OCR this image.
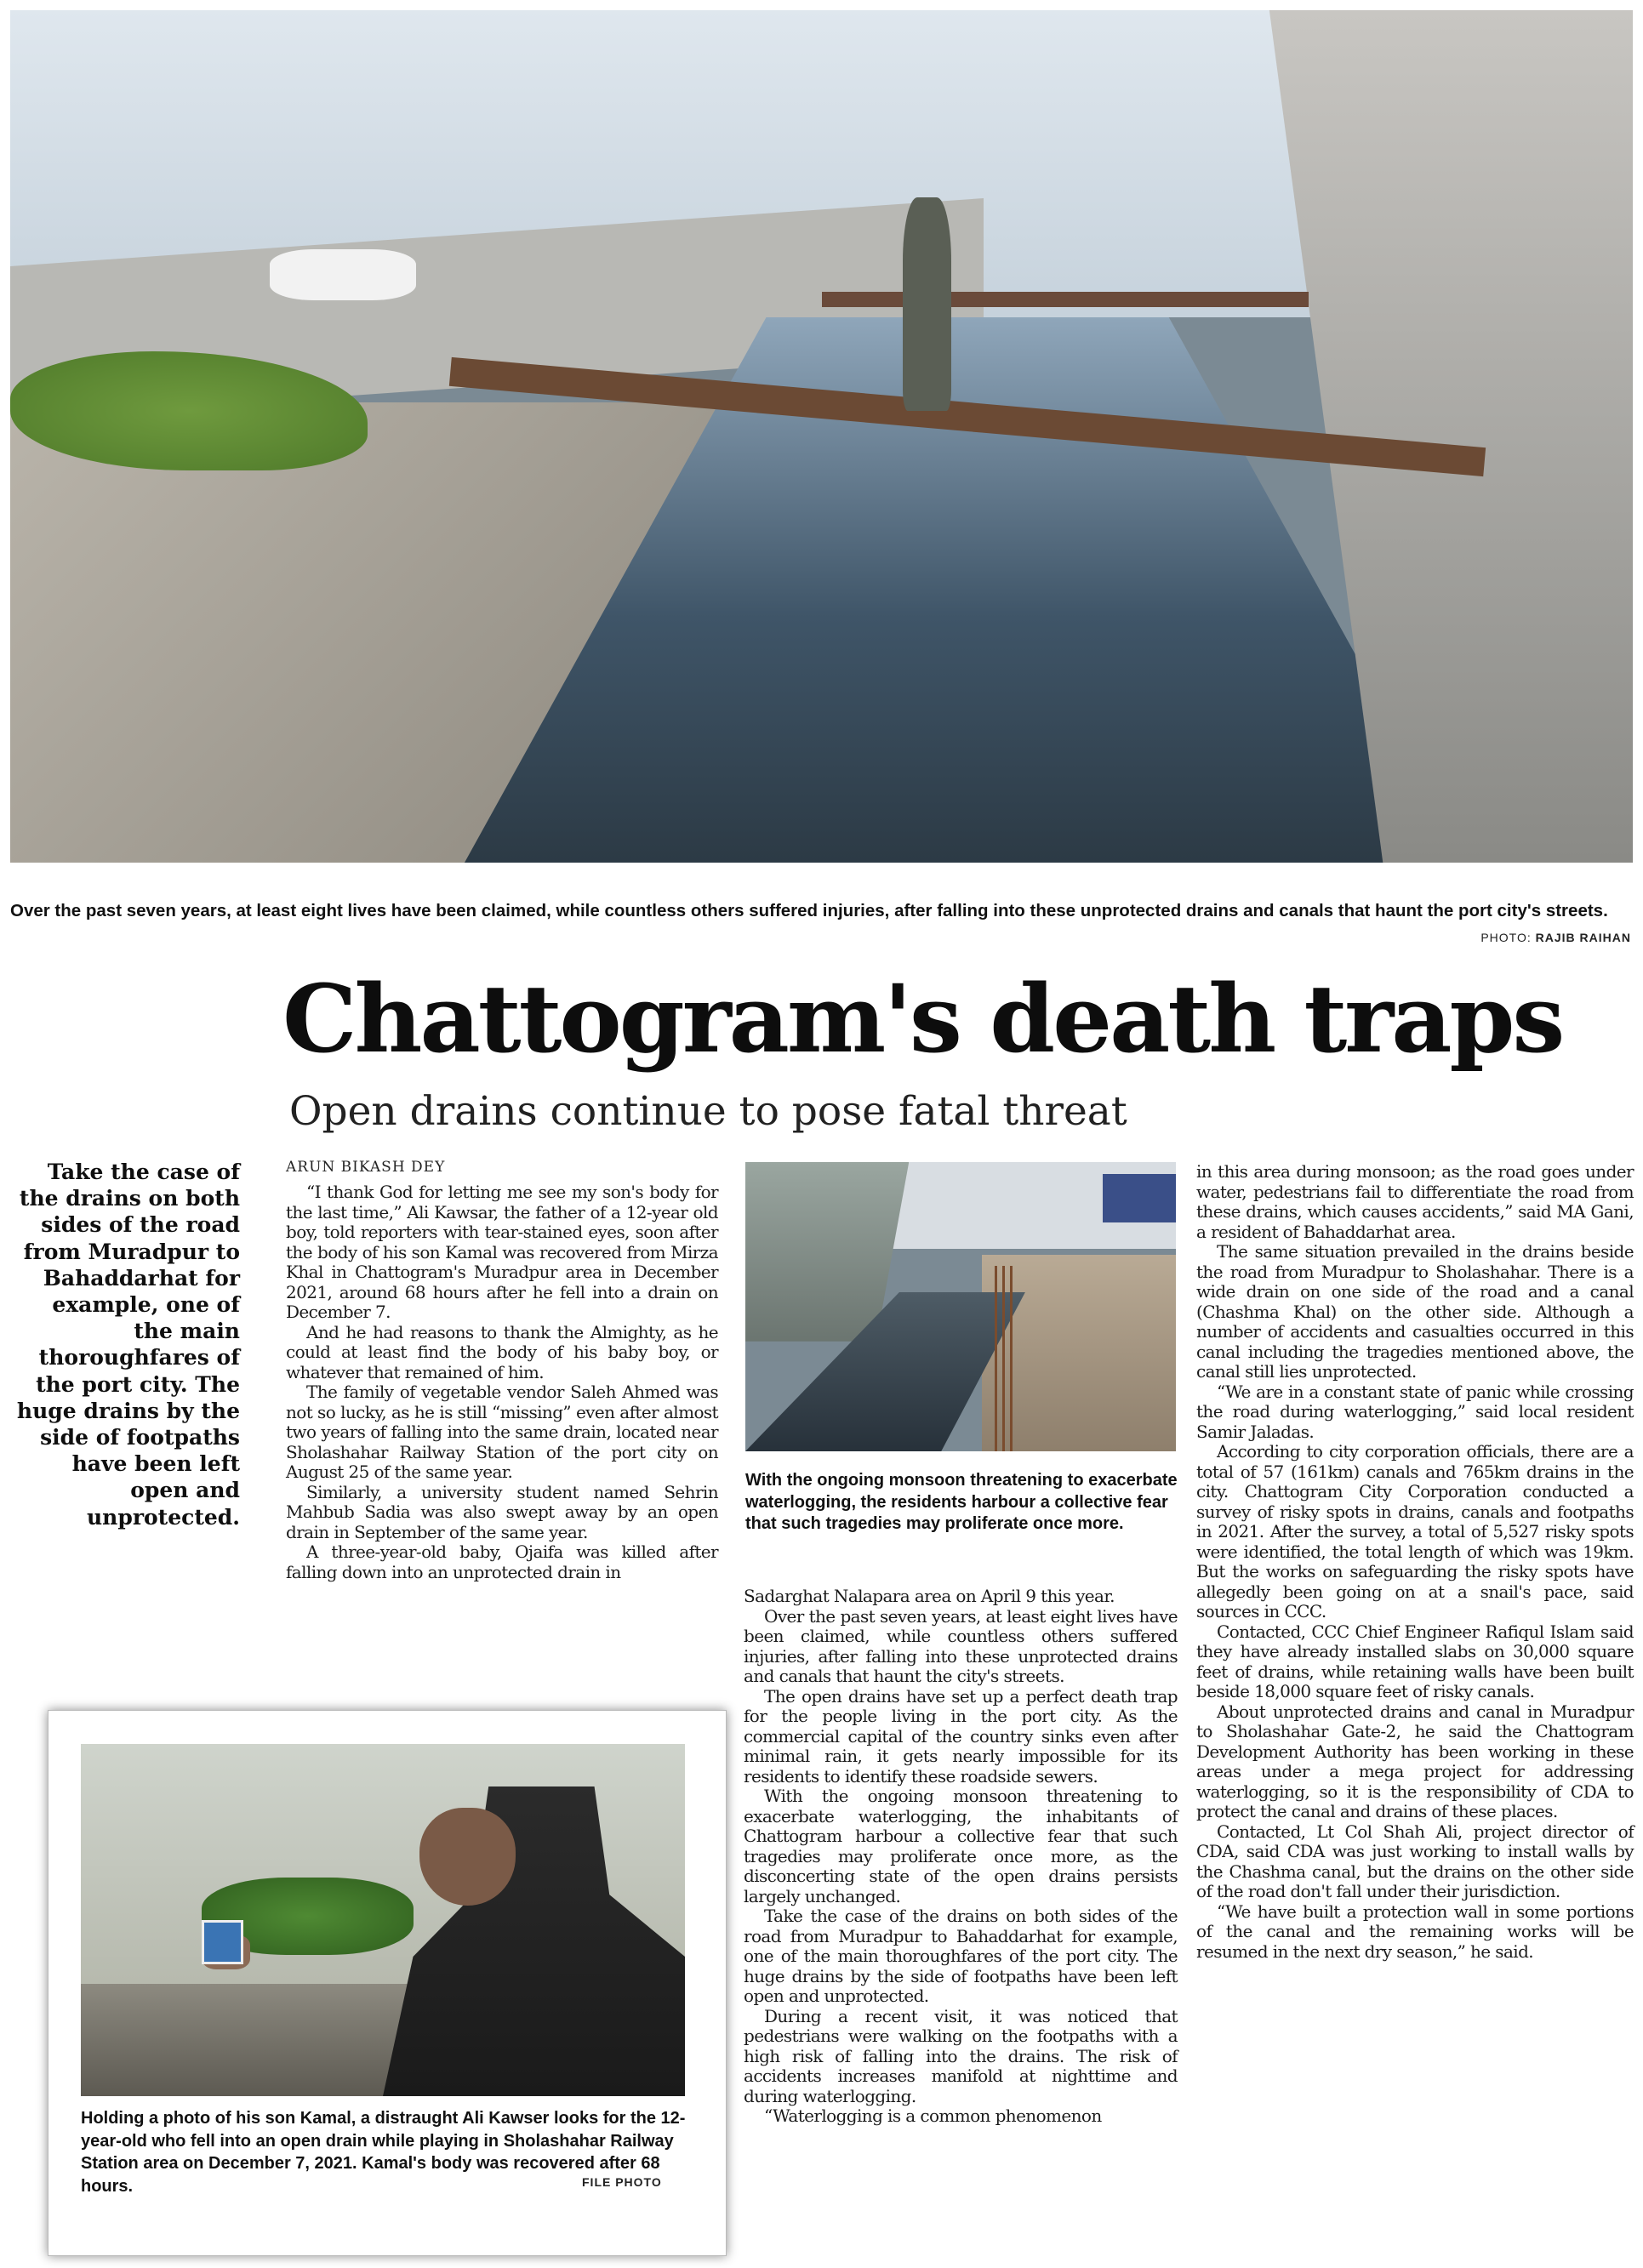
Over the past seven years, at least eight lives have been claimed, while countless others suffered injuries, after falling into these unprotected drains and canals that haunt the port city's streets.
PHOTO: RAJIB RAIHAN
Chattogram's death traps
Open drains continue to pose fatal threat
Take the case of the drains on both sides of the road from Muradpur to Bahaddarhat for example, one of the main thoroughfares of the port city. The huge drains by the side of footpaths have been left open and unprotected.
ARUN BIKASH DEY

“I thank God for letting me see my son's body for the last time,” Ali Kawsar, the father of a 12-year old boy, told reporters with tear-stained eyes, soon after the body of his son Kamal was recovered from Mirza Khal in Chattogram's Muradpur area in December 2021, around 68 hours after he fell into a drain on December 7.

And he had reasons to thank the Almighty, as he could at least find the body of his baby boy, or whatever that remained of him.

The family of vegetable vendor Saleh Ahmed was not so lucky, as he is still “missing” even after almost two years of falling into the same drain, located near Sholashahar Railway Station of the port city on August 25 of the same year.

Similarly, a university student named Sehrin Mahbub Sadia was also swept away by an open drain in September of the same year.

A three-year-old baby, Ojaifa was killed after falling down into an unprotected drain in

With the ongoing monsoon threatening to exacerbate waterlogging, the residents harbour a collective fear that such tragedies may proliferate once more.

Sadarghat Nalapara area on April 9 this year.

Over the past seven years, at least eight lives have been claimed, while countless others suffered injuries, after falling into these unprotected drains and canals that haunt the city's streets.

The open drains have set up a perfect death trap for the people living in the port city. As the commercial capital of the country sinks even after minimal rain, it gets nearly impossible for its residents to identify these roadside sewers.

With the ongoing monsoon threatening to exacerbate waterlogging, the inhabitants of Chattogram harbour a collective fear that such tragedies may proliferate once more, as the disconcerting state of the open drains persists largely unchanged.

Take the case of the drains on both sides of the road from Muradpur to Bahaddarhat for example, one of the main thoroughfares of the port city. The huge drains by the side of footpaths have been left open and unprotected.

During a recent visit, it was noticed that pedestrians were walking on the footpaths with a high risk of falling into the drains. The risk of accidents increases manifold at nighttime and during waterlogging.

“Waterlogging is a common phenomenon

in this area during monsoon; as the road goes under water, pedestrians fail to differentiate the road from these drains, which causes accidents,” said MA Gani, a resident of Bahaddarhat area.

The same situation prevailed in the drains beside the road from Muradpur to Sholashahar. There is a wide drain on one side of the road and a canal (Chashma Khal) on the other side. Although a number of accidents and casualties occurred in this canal including the tragedies mentioned above, the canal still lies unprotected.

“We are in a constant state of panic while crossing the road during waterlogging,” said local resident Samir Jaladas.

According to city corporation officials, there are a total of 57 (161km) canals and 765km drains in the city. Chattogram City Corporation conducted a survey of risky spots in drains, canals and footpaths in 2021. After the survey, a total of 5,527 risky spots were identified, the total length of which was 19km. But the works on safeguarding the risky spots have allegedly been going on at a snail's pace, said sources in CCC.

Contacted, CCC Chief Engineer Rafiqul Islam said they have already installed slabs on 30,000 square feet of drains, while retaining walls have been built beside 18,000 square feet of risky canals.

About unprotected drains and canal in Muradpur to Sholashahar Gate-2, he said the Chattogram Development Authority has been working in these areas under a mega project for addressing waterlogging, so it is the responsibility of CDA to protect the canal and drains of these places.

Contacted, Lt Col Shah Ali, project director of CDA, said CDA was just working to install walls by the Chashma canal, but the drains on the other side of the road don't fall under their jurisdiction.

“We have built a protection wall in some portions of the canal and the remaining works will be resumed in the next dry season,” he said.

Holding a photo of his son Kamal, a distraught Ali Kawser looks for the 12-year-old who fell into an open drain while playing in Sholashahar Railway Station area on December 7, 2021. Kamal's body was recovered after 68 hours.	FILE PHOTO
